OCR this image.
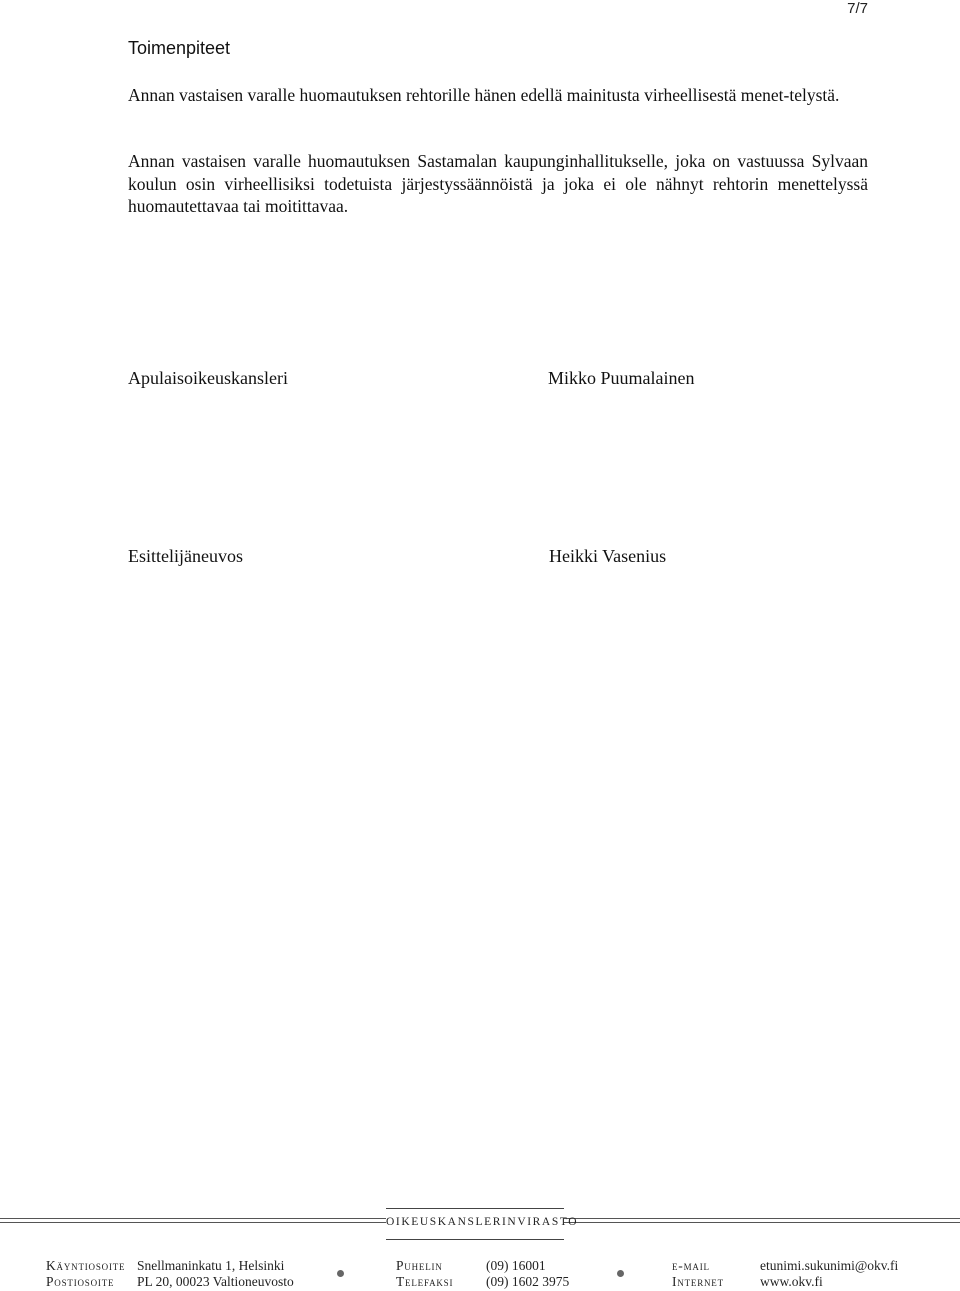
7/7
Toimenpiteet

Annan vastaisen varalle huomautuksen rehtorille hänen edellä mainitusta virheellisestä menet-telystä.

Annan vastaisen varalle huomautuksen Sastamalan kaupunginhallitukselle, joka on vastuussa Sylvaan koulun osin virheellisiksi todetuista järjestyssäännöistä ja joka ei ole nähnyt rehtorin menettelyssä huomautettavaa tai moitittavaa.

Apulaisoikeuskansleri	Mikko Puumalainen
Esittelijäneuvos	Heikki Vasenius
OIKEUSKANSLERINVIRASTO
Käyntiosoite Snellmaninkatu 1, Helsinki
Postiosoite PL 20, 00023 Valtioneuvosto
Puhelin	(09) 16001
Telefaksi (09) 1602 3975
e-mail	etunimi.sukunimi@okv.fi
Internet	www.okv.fi
